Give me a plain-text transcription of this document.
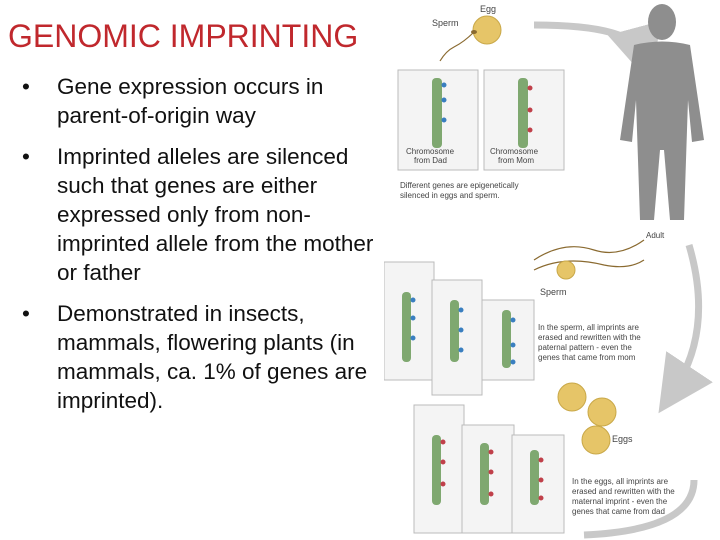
GENOMIC IMPRINTING
• Gene expression occurs in parent-of-origin way
• Imprinted alleles are silenced such that genes are either expressed only from non-imprinted allele from the mother or father
• Demonstrated in insects, mammals, flowering plants (in mammals, ca. 1% of genes are imprinted).
Egg
Sperm
Chromosome
from Dad
Chromosome
from Mom
Different genes are epigenetically
silenced in eggs and sperm.
Adult
Sperm
In the sperm, all imprints are
erased and rewritten with the
paternal pattern - even the
genes that came from mom
Eggs
In the eggs, all imprints are
erased and rewritten with the
maternal imprint - even the
genes that came from dad
